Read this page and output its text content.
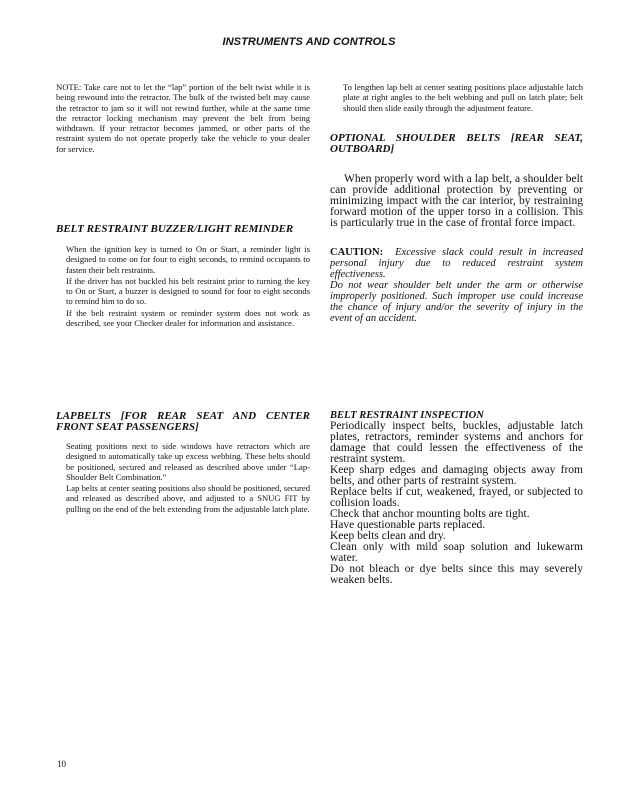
INSTRUMENTS AND CONTROLS

NOTE: Take care not to let the “lap” portion of the belt twist while it is being rewound into the retractor. The bulk of the twisted belt may cause the retractor to jam so it will not rewind further, while at the same time the retractor locking mechanism may prevent the belt from being withdrawn. If your retractor becomes jammed, or other parts of the restraint system do not operate properly take the vehicle to your dealer for service.

BELT RESTRAINT BUZZER/LIGHT REMINDER

When the ignition key is turned to On or Start, a reminder light is designed to come on for four to eight seconds, to remind occupants to fasten their belt restraints.

If the driver has not buckled his belt restraint prior to turning the key to On or Start, a buzzer is designed to sound for four to eight seconds to remind him to do so.

If the belt restraint system or reminder system does not work as described, see your Checker dealer for information and assistance.

LAPBELTS [FOR REAR SEAT AND CENTER
FRONT SEAT PASSENGERS]

Seating positions next to side windows have retractors which are designed to automatically take up excess webbing. These belts should be positioned, secured and released as described above under “Lap-Shoulder Belt Combination.”

Lap belts at center seating positions also should be positioned, secured and released as described above, and adjusted to a SNUG FIT by pulling on the end of the belt extending from the adjustable latch plate.

To lengthen lap belt at center seating positions place adjustable latch plate at right angles to the belt webbing and pull on latch plate; belt should then slide easily through the adjustment feature.

OPTIONAL SHOULDER BELTS [REAR SEAT,
OUTBOARD]

When properly word with a lap belt, a shoulder belt can provide additional protection by preventing or minimizing impact with the car interior, by restraining forward motion of the upper torso in a collision. This is particularly true in the case of frontal force impact.

CAUTION: Excessive slack could result in increased personal injury due to reduced restraint system effectiveness.

Do not wear shoulder belt under the arm or otherwise improperly positioned. Such improper use could increase the chance of injury and/or the severity of injury in the event of an accident.

BELT RESTRAINT INSPECTION

Periodically inspect belts, buckles, adjustable latch plates, retractors, reminder systems and anchors for damage that could lessen the effectiveness of the restraint system.

Keep sharp edges and damaging objects away from belts, and other parts of restraint system.

Replace belts if cut, weakened, frayed, or subjected to collision loads.

Check that anchor mounting bolts are tight.

Have questionable parts replaced.

Keep belts clean and dry.

Clean only with mild soap solution and lukewarm water.

Do not bleach or dye belts since this may severely weaken belts.

10
